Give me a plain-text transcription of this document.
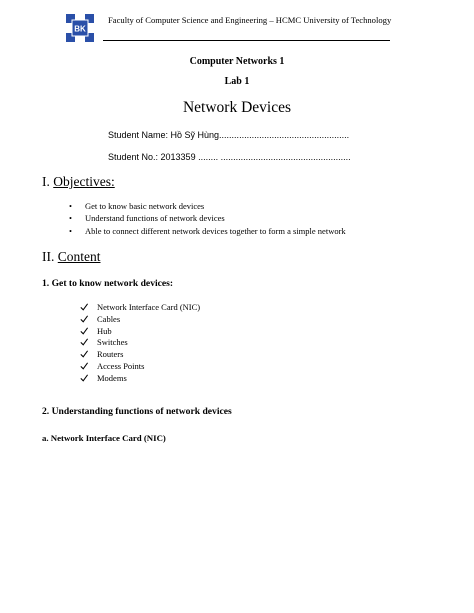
BK
Faculty of Computer Science and Engineering – HCMC University of Technology
Computer Networks 1
Lab 1
Network Devices
Student Name: Hồ Sỹ Hùng....................................................
Student No.: 2013359 ........ ....................................................
I. Objectives:
• Get to know basic network devices
• Understand functions of network devices
• Able to connect different network devices together to form a simple network
II. Content
1. Get to know network devices:
Network Interface Card (NIC)
Cables
Hub
Switches
Routers
Access Points
Modems
2. Understanding functions of network devices
a. Network Interface Card (NIC)
